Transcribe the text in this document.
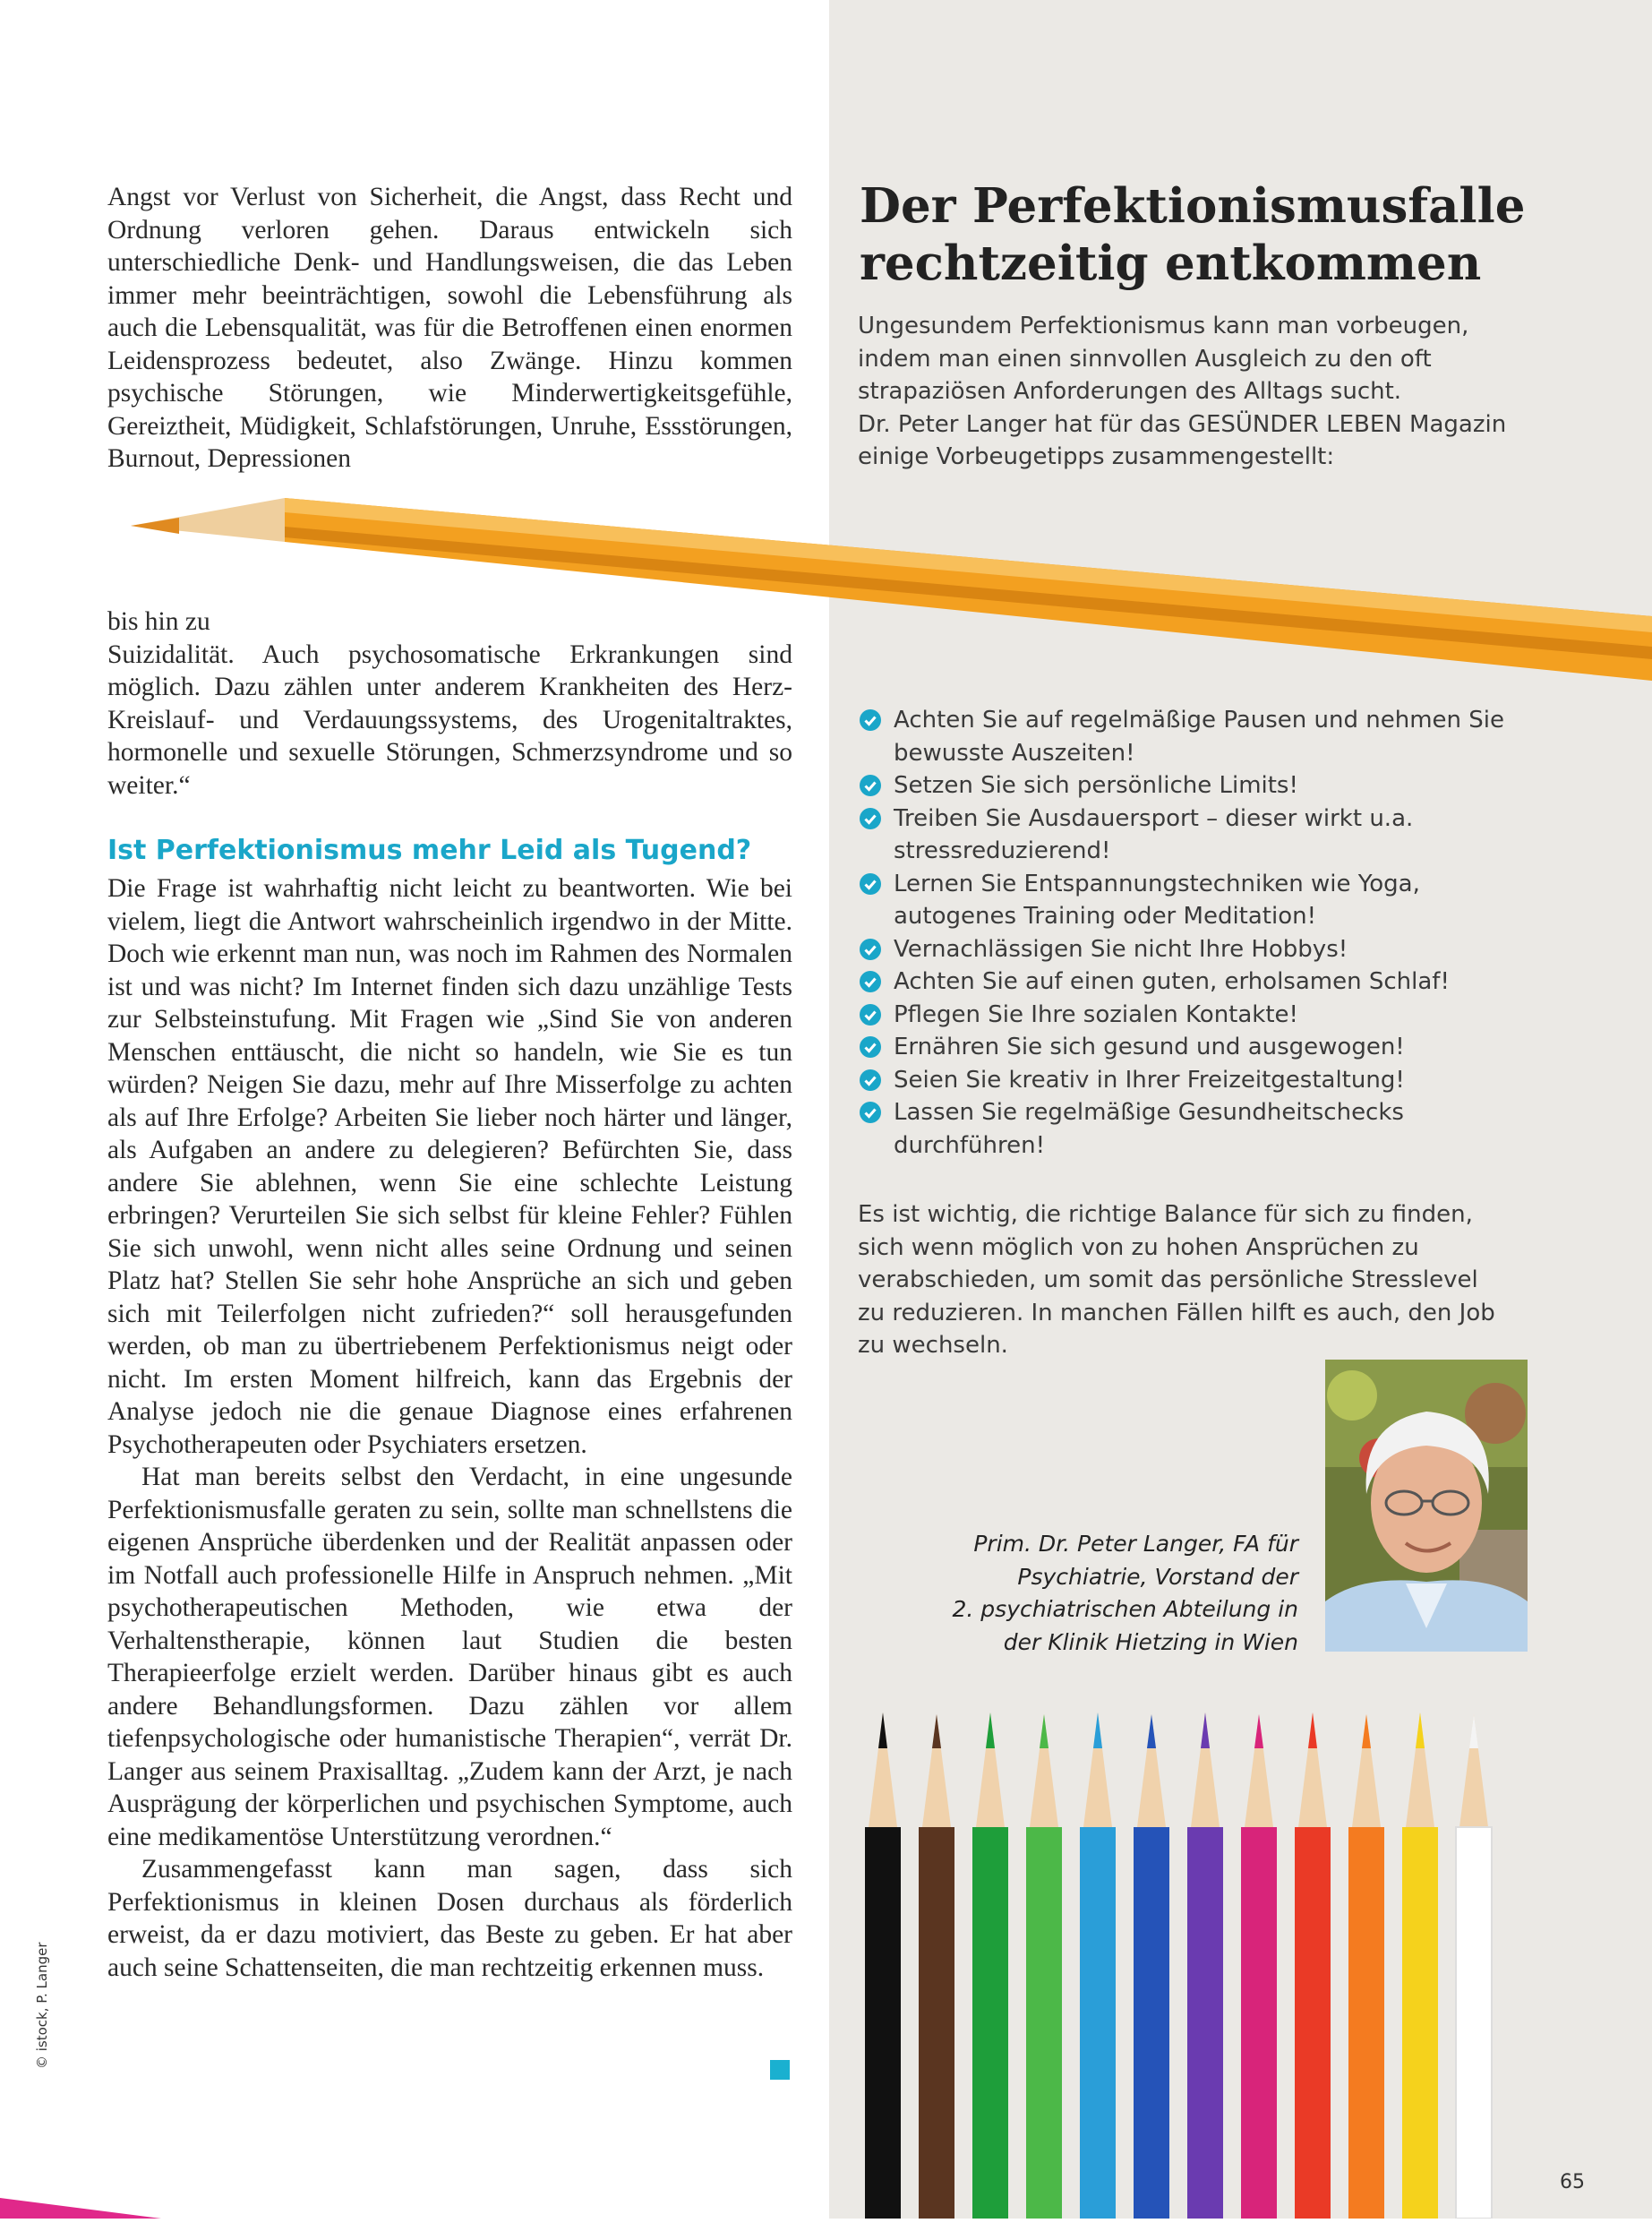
Angst vor Verlust von Sicherheit, die Angst, dass Recht und Ordnung verloren gehen. Daraus entwickeln sich unterschiedliche Denk- und Handlungsweisen, die das Leben immer mehr beeinträchtigen, sowohl die Lebensführung als auch die Lebensqualität, was für die Betroffenen einen enormen Leidensprozess bedeutet, also Zwänge. Hinzu kommen psychische Störungen, wie Minderwertigkeitsgefühle, Gereiztheit, Müdigkeit, Schlafstörungen, Unruhe, Essstörungen, Burnout, Depressionen

bis hin zu

Suizidalität. Auch psychosomatische Erkrankungen sind möglich. Dazu zählen unter anderem Krankheiten des Herz-Kreislauf- und Verdauungssystems, des Urogenitaltraktes, hormonelle und sexuelle Störungen, Schmerzsyndrome und so weiter.“

Ist Perfektionismus mehr Leid als Tugend?

Die Frage ist wahrhaftig nicht leicht zu beantworten. Wie bei vielem, liegt die Antwort wahrscheinlich irgendwo in der Mitte. Doch wie erkennt man nun, was noch im Rahmen des Normalen ist und was nicht? Im Internet finden sich dazu unzählige Tests zur Selbsteinstufung. Mit Fragen wie „Sind Sie von anderen Menschen enttäuscht, die nicht so handeln, wie Sie es tun würden? Neigen Sie dazu, mehr auf Ihre Misserfolge zu achten als auf Ihre Erfolge? Arbeiten Sie lieber noch härter und länger, als Aufgaben an andere zu delegieren? Befürchten Sie, dass andere Sie ablehnen, wenn Sie eine schlechte Leistung erbringen? Verurteilen Sie sich selbst für kleine Fehler? Fühlen Sie sich unwohl, wenn nicht alles seine Ordnung und seinen Platz hat? Stellen Sie sehr hohe Ansprüche an sich und geben sich mit Teilerfolgen nicht zufrieden?“ soll herausgefunden werden, ob man zu übertriebenem Perfektionismus neigt oder nicht. Im ersten Moment hilfreich, kann das Ergebnis der Analyse jedoch nie die genaue Diagnose eines erfahrenen Psychotherapeuten oder Psychiaters ersetzen.

Hat man bereits selbst den Verdacht, in eine ungesunde Perfektionismusfalle geraten zu sein, sollte man schnellstens die eigenen Ansprüche überdenken und der Realität anpassen oder im Notfall auch professionelle Hilfe in Anspruch nehmen. „Mit psychotherapeutischen Methoden, wie etwa der Verhaltenstherapie, können laut Studien die besten Therapieerfolge erzielt werden. Darüber hinaus gibt es auch andere Behandlungsformen. Dazu zählen vor allem tiefenpsychologische oder humanistische Therapien“, verrät Dr. Langer aus seinem Praxisalltag. „Zudem kann der Arzt, je nach Ausprägung der körperlichen und psychischen Symptome, auch eine medikamentöse Unterstützung verordnen.“

Zusammengefasst kann man sagen, dass sich Perfektionismus in kleinen Dosen durchaus als förderlich erweist, da er dazu motiviert, das Beste zu geben. Er hat aber auch seine Schattenseiten, die man rechtzeitig erkennen muss.

Der Perfektionismusfalle
rechtzeitig entkommen

Ungesundem Perfektionismus kann man vorbeugen, indem man einen sinnvollen Ausgleich zu den oft strapaziösen Anforderungen des Alltags sucht.

Dr. Peter Langer hat für das GESÜNDER LEBEN Magazin einige Vorbeugetipps zusammengestellt:

Achten Sie auf regelmäßige Pausen und nehmen Sie bewusste Auszeiten!
Setzen Sie sich persönliche Limits!
Treiben Sie Ausdauersport – dieser wirkt u.a. stressreduzierend!
Lernen Sie Entspannungstechniken wie Yoga, autogenes Training oder Meditation!
Vernachlässigen Sie nicht Ihre Hobbys!
Achten Sie auf einen guten, erholsamen Schlaf!
Pflegen Sie Ihre sozialen Kontakte!
Ernähren Sie sich gesund und ausgewogen!
Seien Sie kreativ in Ihrer Freizeitgestaltung!
Lassen Sie regelmäßige Gesundheitschecks durchführen!

Es ist wichtig, die richtige Balance für sich zu finden, sich wenn möglich von zu hohen Ansprüchen zu verabschieden, um somit das persönliche Stresslevel zu reduzieren. In manchen Fällen hilft es auch, den Job zu wechseln.

Prim. Dr. Peter Langer, FA für
Psychiatrie, Vorstand der
2. psychiatrischen Abteilung in
der Klinik Hietzing in Wien

© istock, P. Langer

65
